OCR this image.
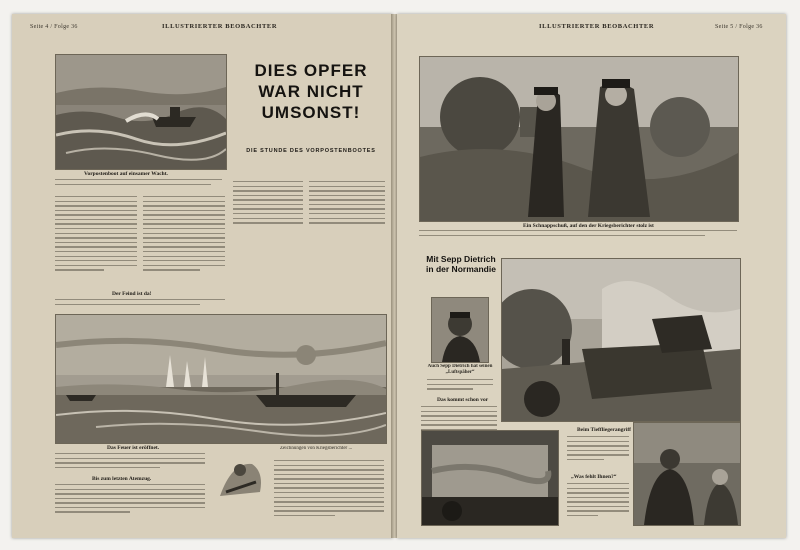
Seite 4 / Folge 36	ILLUSTRIERTER BEOBACHTER
Vorpostenboot auf einsamer Wacht.
DIES OPFER WAR NICHT UMSONST!
DIE STUNDE DES VORPOSTENBOOTES
Der Feind ist da!
Das Feuer ist eröffnet.	Zeichnungen von Kriegsberichter ...
Bis zum letzten Atemzug.
ILLUSTRIERTER BEOBACHTER	Seite 5 / Folge 36
Ein Schnappschuß, auf den der Kriegsberichter stolz ist
Mit Sepp Dietrich in der Normandie
Auch Sepp Dietrich hat seinen „Luftspäher“
Das kommt schon vor
Beim Tieffliegerangriff
„Was fehlt Ihnen?“
